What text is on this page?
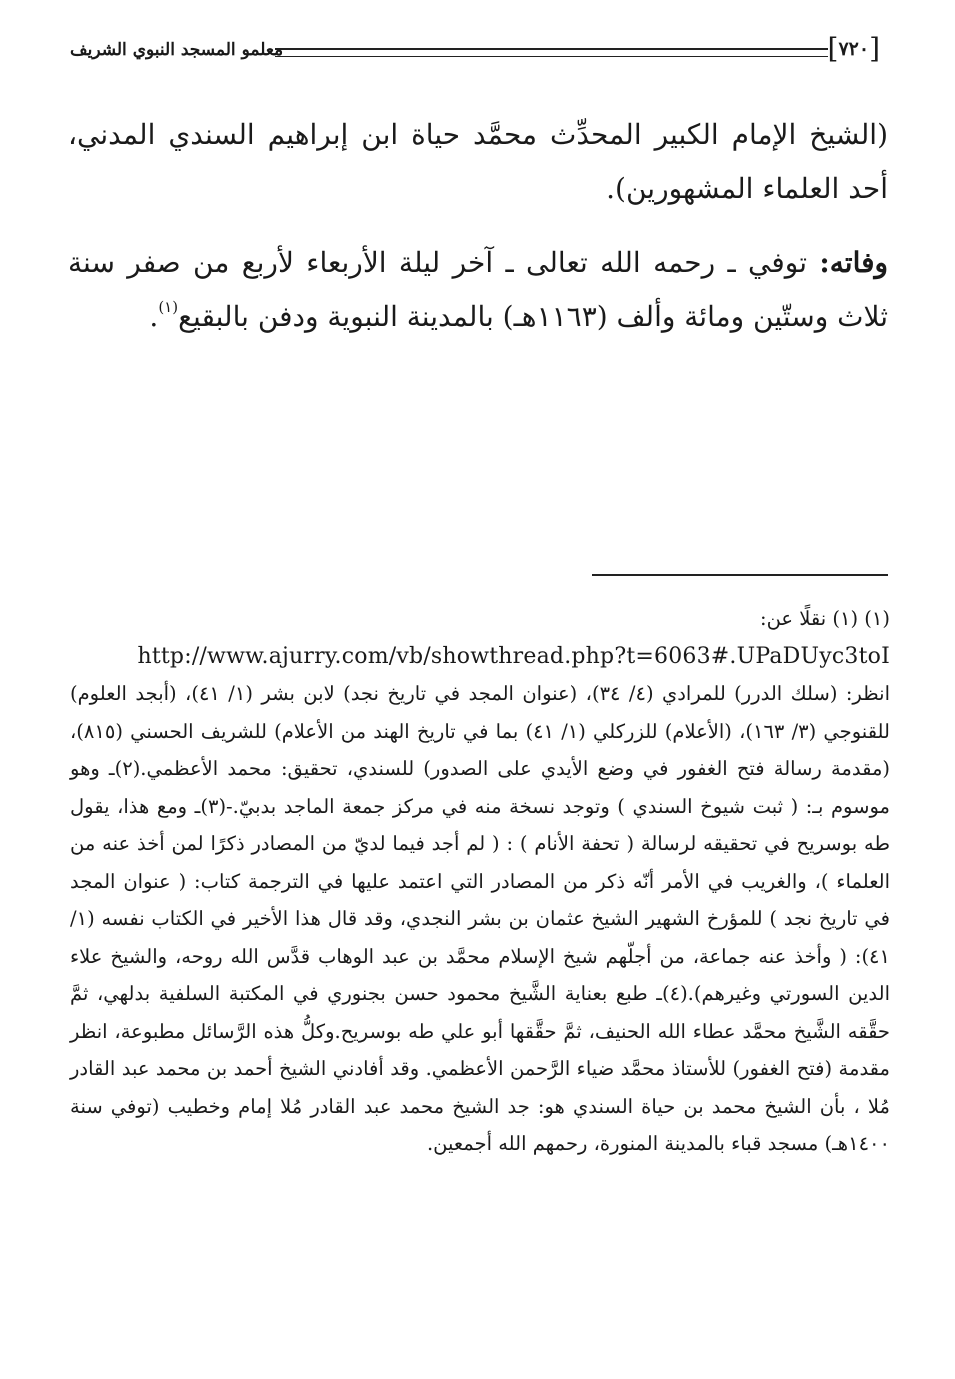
[
٧٢٠
]
معلمو المسجد النبوي الشريف

(الشيخ الإمام الكبير المحدِّث محمَّد حياة ابن إبراهيم السندي المدني، أحد العلماء المشهورين).

وفاته: توفي ـ رحمه الله تعالى ـ آخر ليلة الأربعاء لأربع من صفر سنة ثلاث وستّين ومائة وألف (١١٦٣هـ) بالمدينة النبوية ودفن بالبقيع$^{(١)}$.

(١) (١) نقلًا عن:

http://www.ajurry.com/vb/showthread.php?t=6063#.UPaDUyc3toI

انظر: (سلك الدرر) للمرادي (٤/ ٣٤)، (عنوان المجد في تاريخ نجد) لابن بشر (١/ ٤١)، (أبجد العلوم) للقنوجي (٣/ ١٦٣)، (الأعلام) للزركلي (١/ ٤١) بما في تاريخ الهند من الأعلام) للشريف الحسني (٨١٥)، (مقدمة رسالة فتح الغفور في وضع الأيدي على الصدور) للسندي، تحقيق: محمد الأعظمي.(٢)ـ وهو موسوم بـ: ( ثبت شيوخ السندي ) وتوجد نسخة منه في مركز جمعة الماجد بدبيّ.-(٣)ـ ومع هذا، يقول طه بوسريح في تحقيقه لرسالة ( تحفة الأنام ) : ( لم أجد فيما لديّ من المصادر ذكرًا لمن أخذ عنه من العلماء )، والغريب في الأمر أنّه ذكر من المصادر التي اعتمد عليها في الترجمة كتاب: ( عنوان المجد في تاريخ نجد ) للمؤرخ الشهير الشيخ عثمان بن بشر النجدي، وقد قال هذا الأخير في الكتاب نفسه (١/ ٤١): ( وأخذ عنه جماعة، من أجلّهم شيخ الإسلام محمَّد بن عبد الوهاب قدَّس الله روحه، والشيخ علاء الدين السورتي وغيرهم).(٤)ـ طبع بعناية الشَّيخ محمود حسن بجنوري في المكتبة السلفية بدلهي، ثمَّ حقَّقه الشَّيخ محمَّد عطاء الله الحنيف، ثمَّ حقَّقها أبو علي طه بوسريح.وكلُّ هذه الرَّسائل مطبوعة، انظر مقدمة (فتح الغفور) للأستاذ محمَّد ضياء الرَّحمن الأعظمي. وقد أفادني الشيخ أحمد بن محمد عبد القادر مُلا ، بأن الشيخ محمد بن حياة السندي هو: جد الشيخ محمد عبد القادر مُلا إمام وخطيب (توفي سنة ١٤٠٠هـ) مسجد قباء بالمدينة المنورة، رحمهم الله أجمعين.
